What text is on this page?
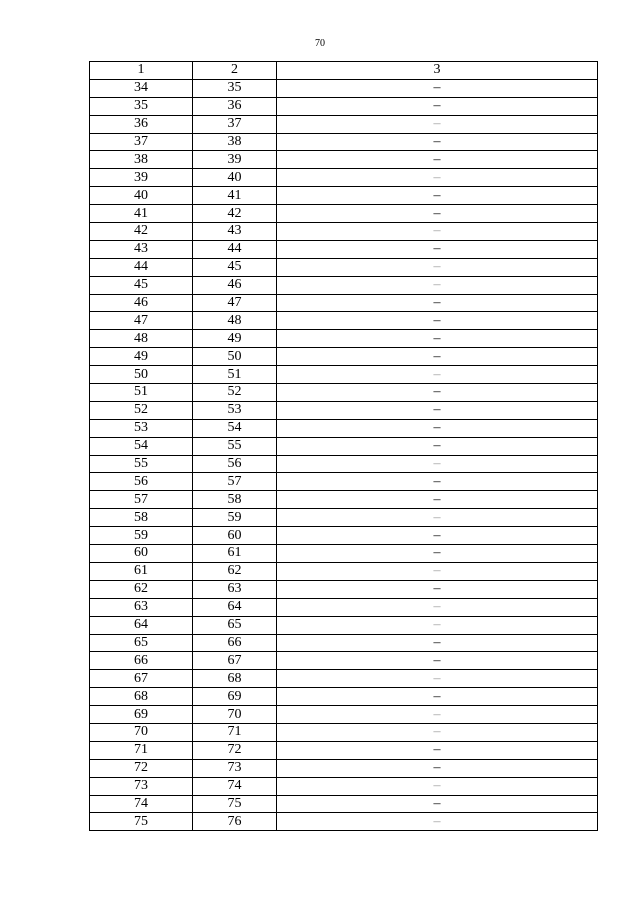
70
1	2	3
34	35	–
35	36	–
36	37	–
37	38	–
38	39	–
39	40	–
40	41	–
41	42	–
42	43	–
43	44	–
44	45	–
45	46	–
46	47	–
47	48	–
48	49	–
49	50	–
50	51	–
51	52	–
52	53	–
53	54	–
54	55	–
55	56	–
56	57	–
57	58	–
58	59	–
59	60	–
60	61	–
61	62	–
62	63	–
63	64	–
64	65	–
65	66	–
66	67	–
67	68	–
68	69	–
69	70	–
70	71	–
71	72	–
72	73	–
73	74	–
74	75	–
75	76	–
